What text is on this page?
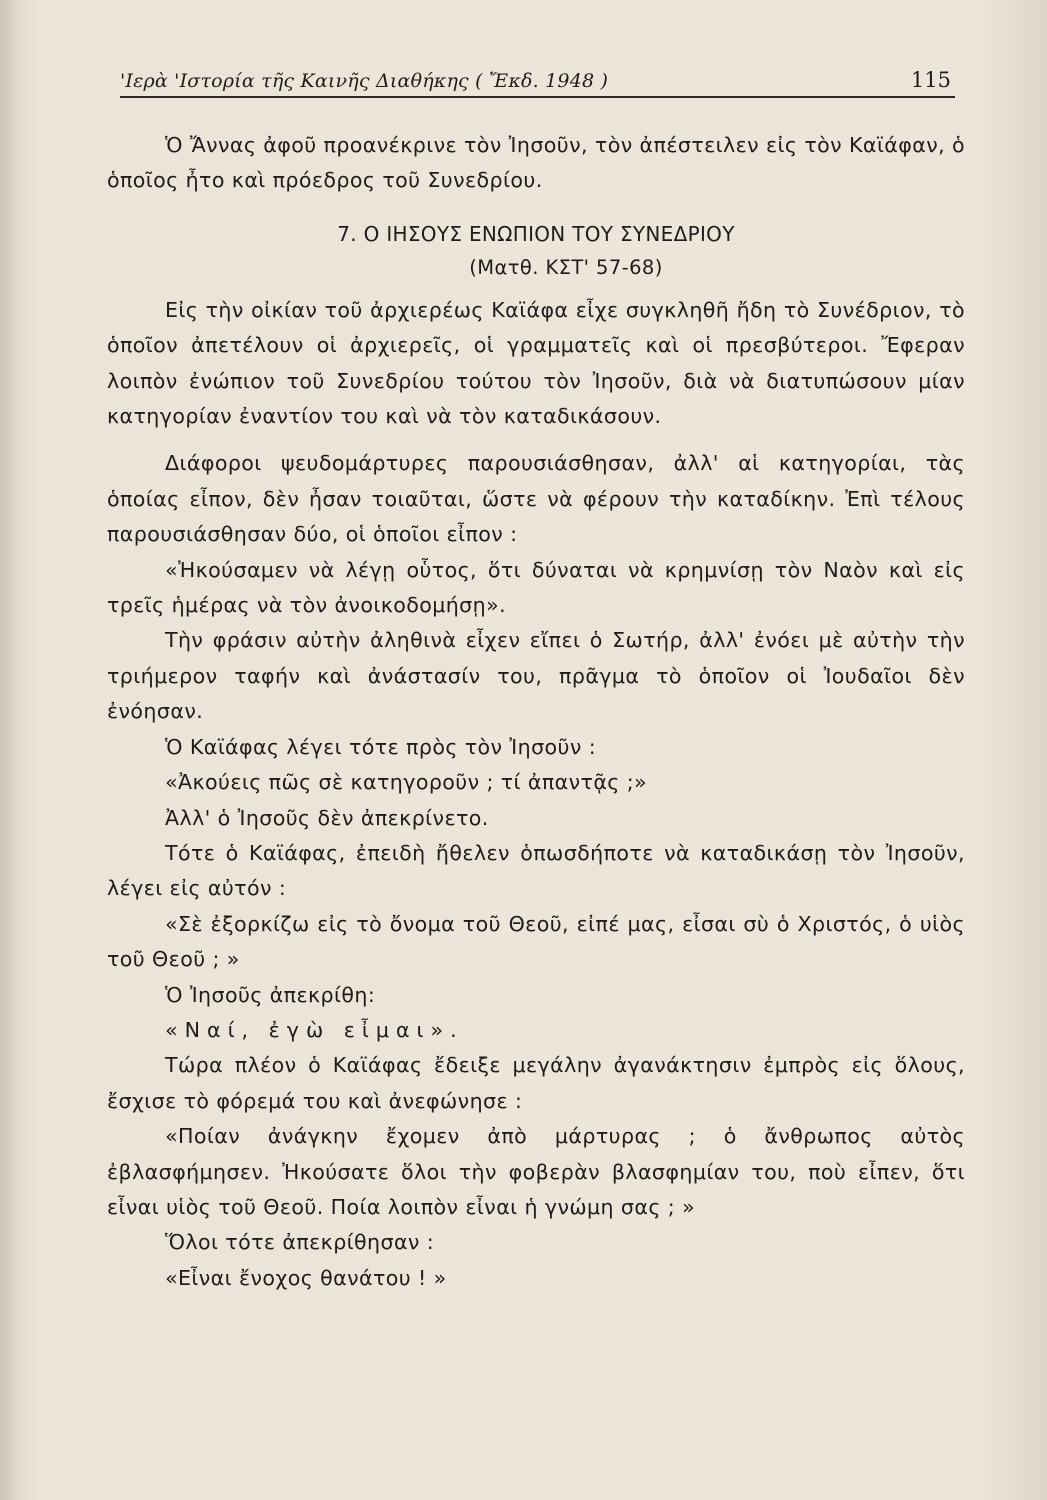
'Ιερὰ 'Ιστορία τῆς Καινῆς Διαθήκης ( Ἔκδ. 1948 )	115

Ὁ Ἄννας ἀφοῦ προανέκρινε τὸν Ἰησοῦν, τὸν ἀπέστειλεν εἰς τὸν Καϊάφαν, ὁ ὁποῖος ἦτο καὶ πρόεδρος τοῦ Συνεδρίου.

7. Ο ΙΗΣΟΥΣ ΕΝΩΠΙΟΝ ΤΟΥ ΣΥΝΕΔΡΙΟΥ
(Ματθ. ΚΣΤ' 57-68)

Εἰς τὴν οἰκίαν τοῦ ἀρχιερέως Καϊάφα εἶχε συγκληθῆ ἤδη τὸ Συνέδριον, τὸ ὁποῖον ἀπετέλουν οἱ ἀρχιερεῖς, οἱ γραμματεῖς καὶ οἱ πρεσβύτεροι. Ἔφεραν λοιπὸν ἐνώπιον τοῦ Συνεδρίου τούτου τὸν Ἰησοῦν, διὰ νὰ διατυπώσουν μίαν κατηγορίαν ἐναντίον του καὶ νὰ τὸν καταδικάσουν.

Διάφοροι ψευδομάρτυρες παρουσιάσθησαν, ἀλλ' αἱ κατηγορίαι, τὰς ὁποίας εἶπον, δὲν ἦσαν τοιαῦται, ὥστε νὰ φέρουν τὴν καταδίκην. Ἐπὶ τέλους παρουσιάσθησαν δύο, οἱ ὁποῖοι εἶπον :

«Ἠκούσαμεν νὰ λέγῃ οὗτος, ὅτι δύναται νὰ κρημνίσῃ τὸν Ναὸν καὶ εἰς τρεῖς ἡμέρας νὰ τὸν ἀνοικοδομήσῃ».

Τὴν φράσιν αὐτὴν ἀληθινὰ εἶχεν εἴπει ὁ Σωτήρ, ἀλλ' ἐνόει μὲ αὐτὴν τὴν τριήμερον ταφήν καὶ ἀνάστασίν του, πρᾶγμα τὸ ὁποῖον οἱ Ἰουδαῖοι δὲν ἐνόησαν.

Ὁ Καϊάφας λέγει τότε πρὸς τὸν Ἰησοῦν :

«Ἀκούεις πῶς σὲ κατηγοροῦν ; τί ἀπαντᾷς ;»

Ἀλλ' ὁ Ἰησοῦς δὲν ἀπεκρίνετο.

Τότε ὁ Καϊάφας, ἐπειδὴ ἤθελεν ὁπωσδήποτε νὰ καταδικάσῃ τὸν Ἰησοῦν, λέγει εἰς αὐτόν :

«Σὲ ἐξορκίζω εἰς τὸ ὄνομα τοῦ Θεοῦ, εἰπέ μας, εἶσαι σὺ ὁ Χριστός, ὁ υἱὸς τοῦ Θεοῦ ; »

Ὁ Ἰησοῦς ἀπεκρίθη:

«Ναί, ἐγὼ εἶμαι».

Τώρα πλέον ὁ Καϊάφας ἔδειξε μεγάλην ἀγανάκτησιν ἐμπρὸς εἰς ὅλους, ἔσχισε τὸ φόρεμά του καὶ ἀνεφώνησε :

«Ποίαν ἀνάγκην ἔχομεν ἀπὸ μάρτυρας ; ὁ ἄνθρωπος αὐτὸς ἐβλασφήμησεν. Ἠκούσατε ὅλοι τὴν φοβερὰν βλασφημίαν του, ποὺ εἶπεν, ὅτι εἶναι υἱὸς τοῦ Θεοῦ. Ποία λοιπὸν εἶναι ἡ γνώμη σας ; »

Ὅλοι τότε ἀπεκρίθησαν :

«Εἶναι ἔνοχος θανάτου ! »
